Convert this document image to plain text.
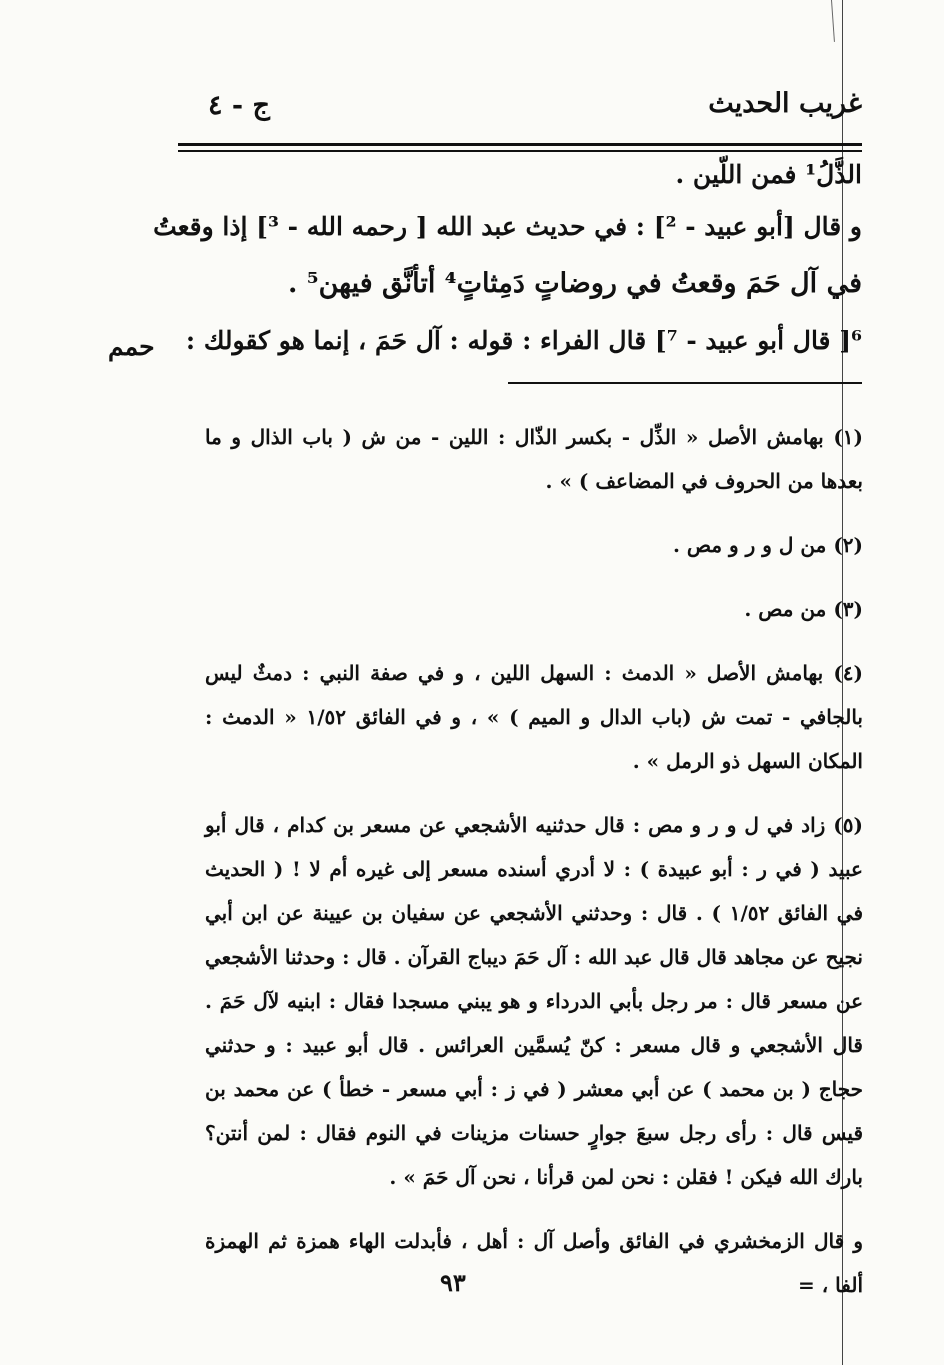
غريب الحديث
ج - ٤
الذَّلُ¹ فمن اللّين .
و قال [أبو عبيد - ²] : في حديث عبد الله [ رحمه الله - ³] إذا وقعتُ
في آل حَمَ وقعتُ في روضاتٍ دَمِثاتٍ⁴ أتأنَّق فيهن⁵ .
⁶[ قال أبو عبيد - ⁷] قال الفراء : قوله : آل حَمَ ، إنما هو كقولك :
حمم

(١) بهامش الأصل « الذِّل - بكسر الذّال : اللين - من ش ( باب الذال و ما بعدها من الحروف في المضاعف ) » .

(٢) من ل و ر و مص .

(٣) من مص .

(٤) بهامش الأصل « الدمث : السهل اللين ، و في صفة النبي : دمثٌ ليس بالجافي - تمت ش (باب الدال و الميم ) » ، و في الفائق ١/٥٢ « الدمث : المكان السهل ذو الرمل » .

(٥) زاد في ل و ر و مص : قال حدثنيه الأشجعي عن مسعر بن كدام ، قال أبو عبيد ( في ر : أبو عبيدة ) : لا أدري أسنده مسعر إلى غيره أم لا ! ( الحديث في الفائق ١/٥٢ ) . قال : وحدثني الأشجعي عن سفيان بن عيينة عن ابن أبي نجيح عن مجاهد قال قال عبد الله : آل حَمَ ديباج القرآن . قال : وحدثنا الأشجعي عن مسعر قال : مر رجل بأبي الدرداء و هو يبني مسجدا فقال : ابنيه لآل حَمَ . قال الأشجعي و قال مسعر : كنّ يُسمَّين العرائس . قال أبو عبيد : و حدثني حجاج ( بن محمد ) عن أبي معشر ( في ز : أبي مسعر - خطأ ) عن محمد بن قيس قال : رأى رجل سبعَ جوارٍ حسنات مزينات في النوم فقال : لمن أنتن؟ بارك الله فيكن ! فقلن : نحن لمن قرأنا ، نحن آل حَمَ » .

و قال الزمخشري في الفائق وأصل آل : أهل ، فأبدلت الهاء همزة ثم الهمزة ألفا ، =

٩٣
